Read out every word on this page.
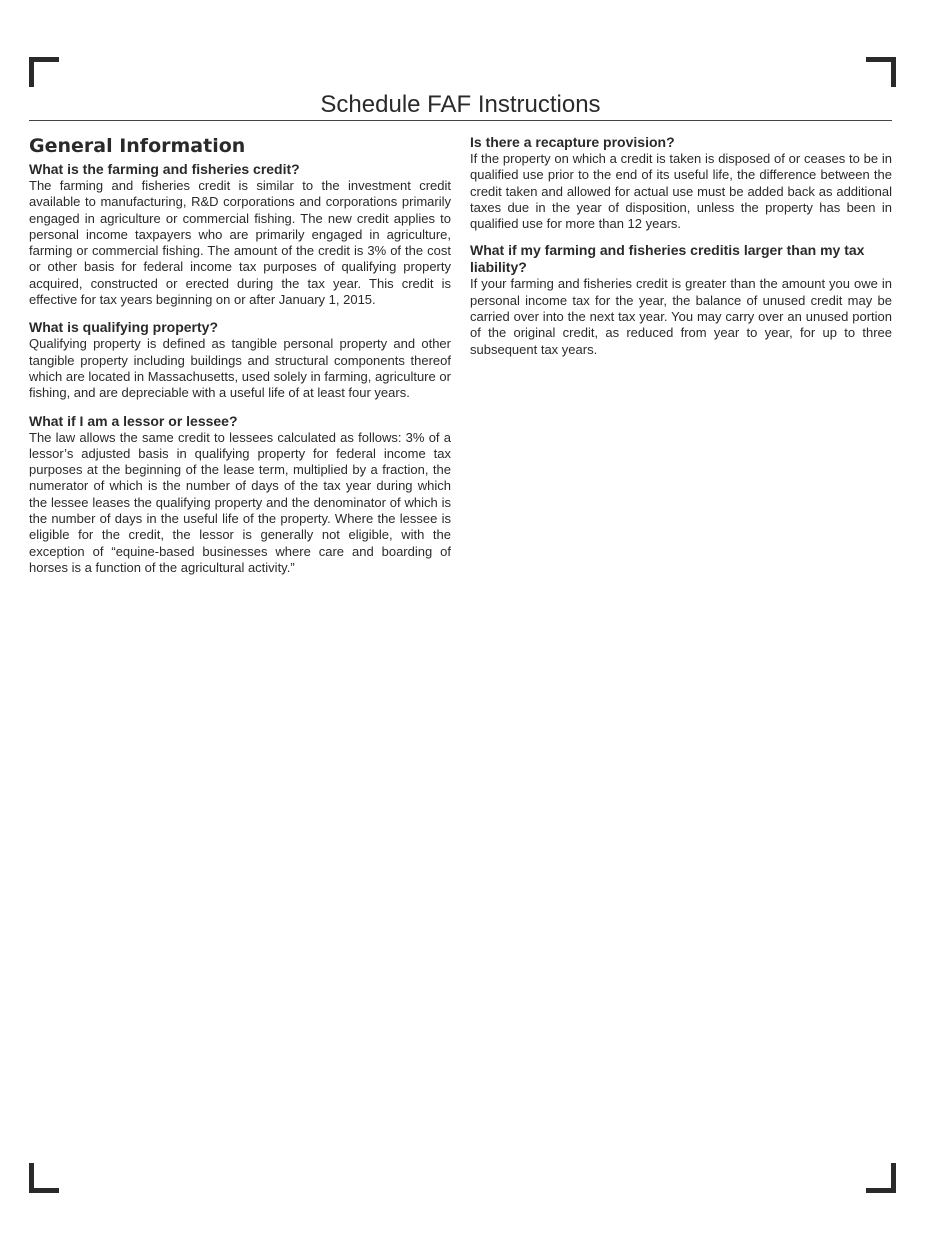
Schedule FAF Instructions
General Information
What is the farming and fisheries credit?

The farming and fisheries credit is similar to the investment credit available to manufacturing, R&D corporations and corporations primarily engaged in agriculture or commercial fishing. The new credit applies to personal income taxpayers who are primarily engaged in agriculture, farming or commercial fishing. The amount of the credit is 3% of the cost or other basis for federal income tax purposes of qualifying property acquired, constructed or erected during the tax year. This credit is effective for tax years beginning on or after January 1, 2015.

What is qualifying property?

Qualifying property is defined as tangible personal property and other tangible property including buildings and structural components thereof which are located in Massachusetts, used solely in farming, agriculture or fishing, and are depreciable with a useful life of at least four years.

What if I am a lessor or lessee?

The law allows the same credit to lessees calculated as follows: 3% of a lessor’s adjusted basis in qualifying property for federal income tax purposes at the beginning of the lease term, multiplied by a fraction, the numerator of which is the number of days of the tax year during which the lessee leases the qualifying property and the denominator of which is the number of days in the useful life of the property. Where the lessee is eligible for the credit, the lessor is generally not eligible, with the exception of “equine-based businesses where care and boarding of horses is a function of the agricultural activity.”

Is there a recapture provision?

If the property on which a credit is taken is disposed of or ceases to be in qualified use prior to the end of its useful life, the difference between the credit taken and allowed for actual use must be added back as additional taxes due in the year of disposition, unless the property has been in qualified use for more than 12 years.

What if my farming and fisheries creditis larger than my tax liability?

If your farming and fisheries credit is greater than the amount you owe in personal income tax for the year, the balance of unused credit may be carried over into the next tax year. You may carry over an unused portion of the original credit, as reduced from year to year, for up to three subsequent tax years.
